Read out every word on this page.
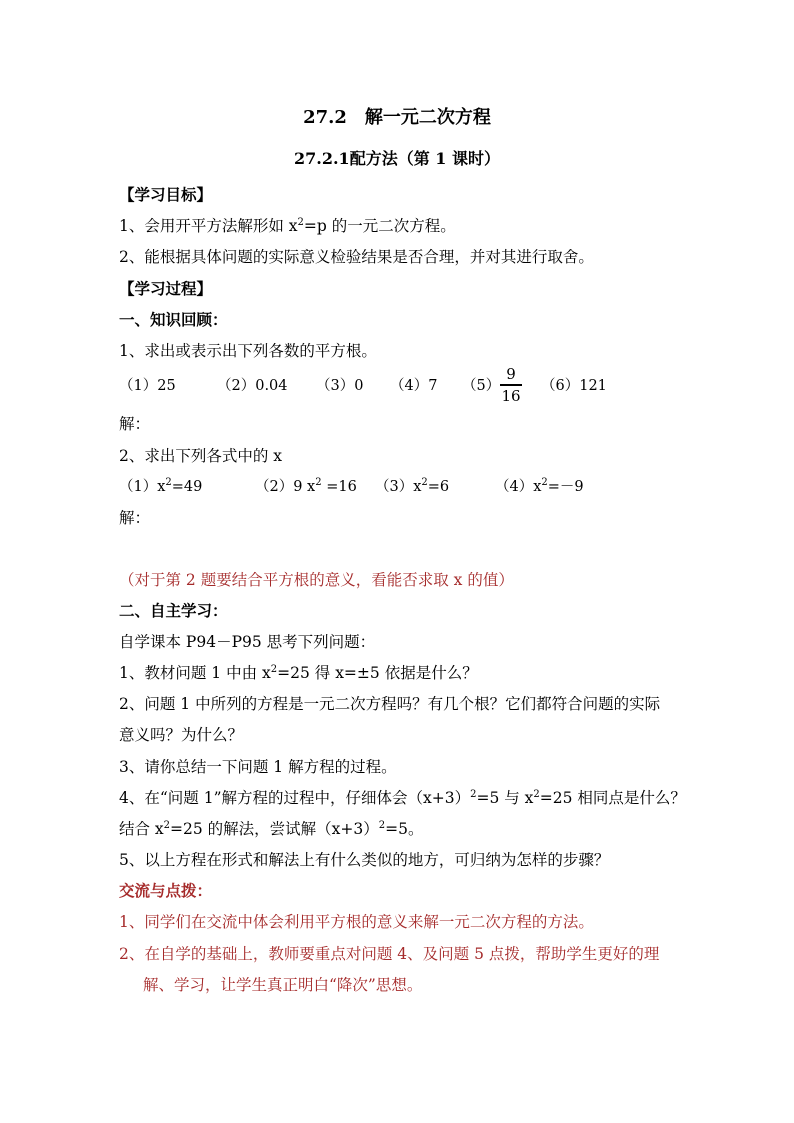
27.2　解一元二次方程
27.2.1配方法（第 1 课时）
【学习目标】
1、会用开平方法解形如 $x^2=p$ 的一元二次方程。
2、能根据具体问题的实际意义检验结果是否合理，并对其进行取舍。
【学习过程】
一、知识回顾：
1、求出或表示出下列各数的平方根。
（1）25	（2）0.04 （3）0 （4）7 （5）
9
16
（6）121
解：
2、求出下列各式中的 x
$(1)x^2=49$	（2）9 $x^2 =16$ $(3)x^2=6$	$(4)x^2=-9$
解：
（对于第 2 题要结合平方根的意义，看能否求取 x 的值）
二、自主学习：
自学课本 P94－P95 思考下列问题：
1、教材问题 1 中由 $x^2=25$ 得 x=±5 依据是什么？
2、问题 1 中所列的方程是一元二次方程吗？有几个根？它们都符合问题的实际
意义吗？为什么？
3、请你总结一下问题 1 解方程的过程。
4、在“问题 1”解方程的过程中，仔细体会$(x+3)^2=5$ 与 $x^2=25$ 相同点是什么？
结合 $x^2=25$ 的解法，尝试解$(x+3)^2=5$。
5、以上方程在形式和解法上有什么类似的地方，可归纳为怎样的步骤？
交流与点拨：
1、同学们在交流中体会利用平方根的意义来解一元二次方程的方法。
2、在自学的基础上，教师要重点对问题 4、及问题 5 点拨，帮助学生更好的理
解、学习，让学生真正明白“降次”思想。
